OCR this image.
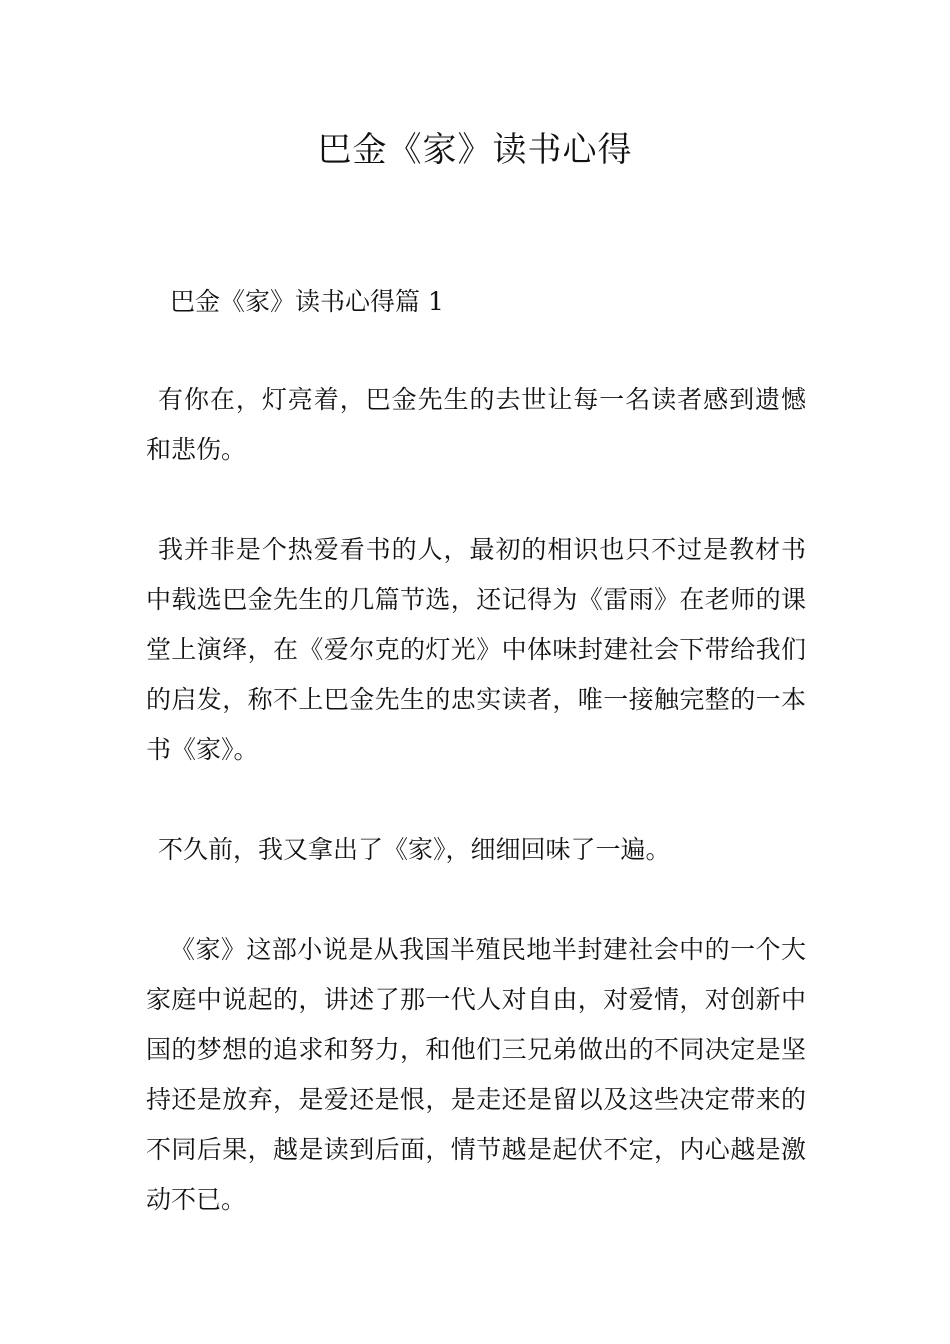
巴金《家》读书心得

巴金《家》读书心得篇 1

有你在，灯亮着，巴金先生的去世让每一名读者感到遗憾和悲伤。

我并非是个热爱看书的人，最初的相识也只不过是教材书中载选巴金先生的几篇节选，还记得为《雷雨》在老师的课堂上演绎，在《爱尔克的灯光》中体味封建社会下带给我们的启发，称不上巴金先生的忠实读者，唯一接触完整的一本书《家》。

不久前，我又拿出了《家》，细细回味了一遍。

《家》这部小说是从我国半殖民地半封建社会中的一个大家庭中说起的，讲述了那一代人对自由，对爱情，对创新中国的梦想的追求和努力，和他们三兄弟做出的不同决定是坚持还是放弃，是爱还是恨，是走还是留以及这些决定带来的不同后果，越是读到后面，情节越是起伏不定，内心越是激动不已。
